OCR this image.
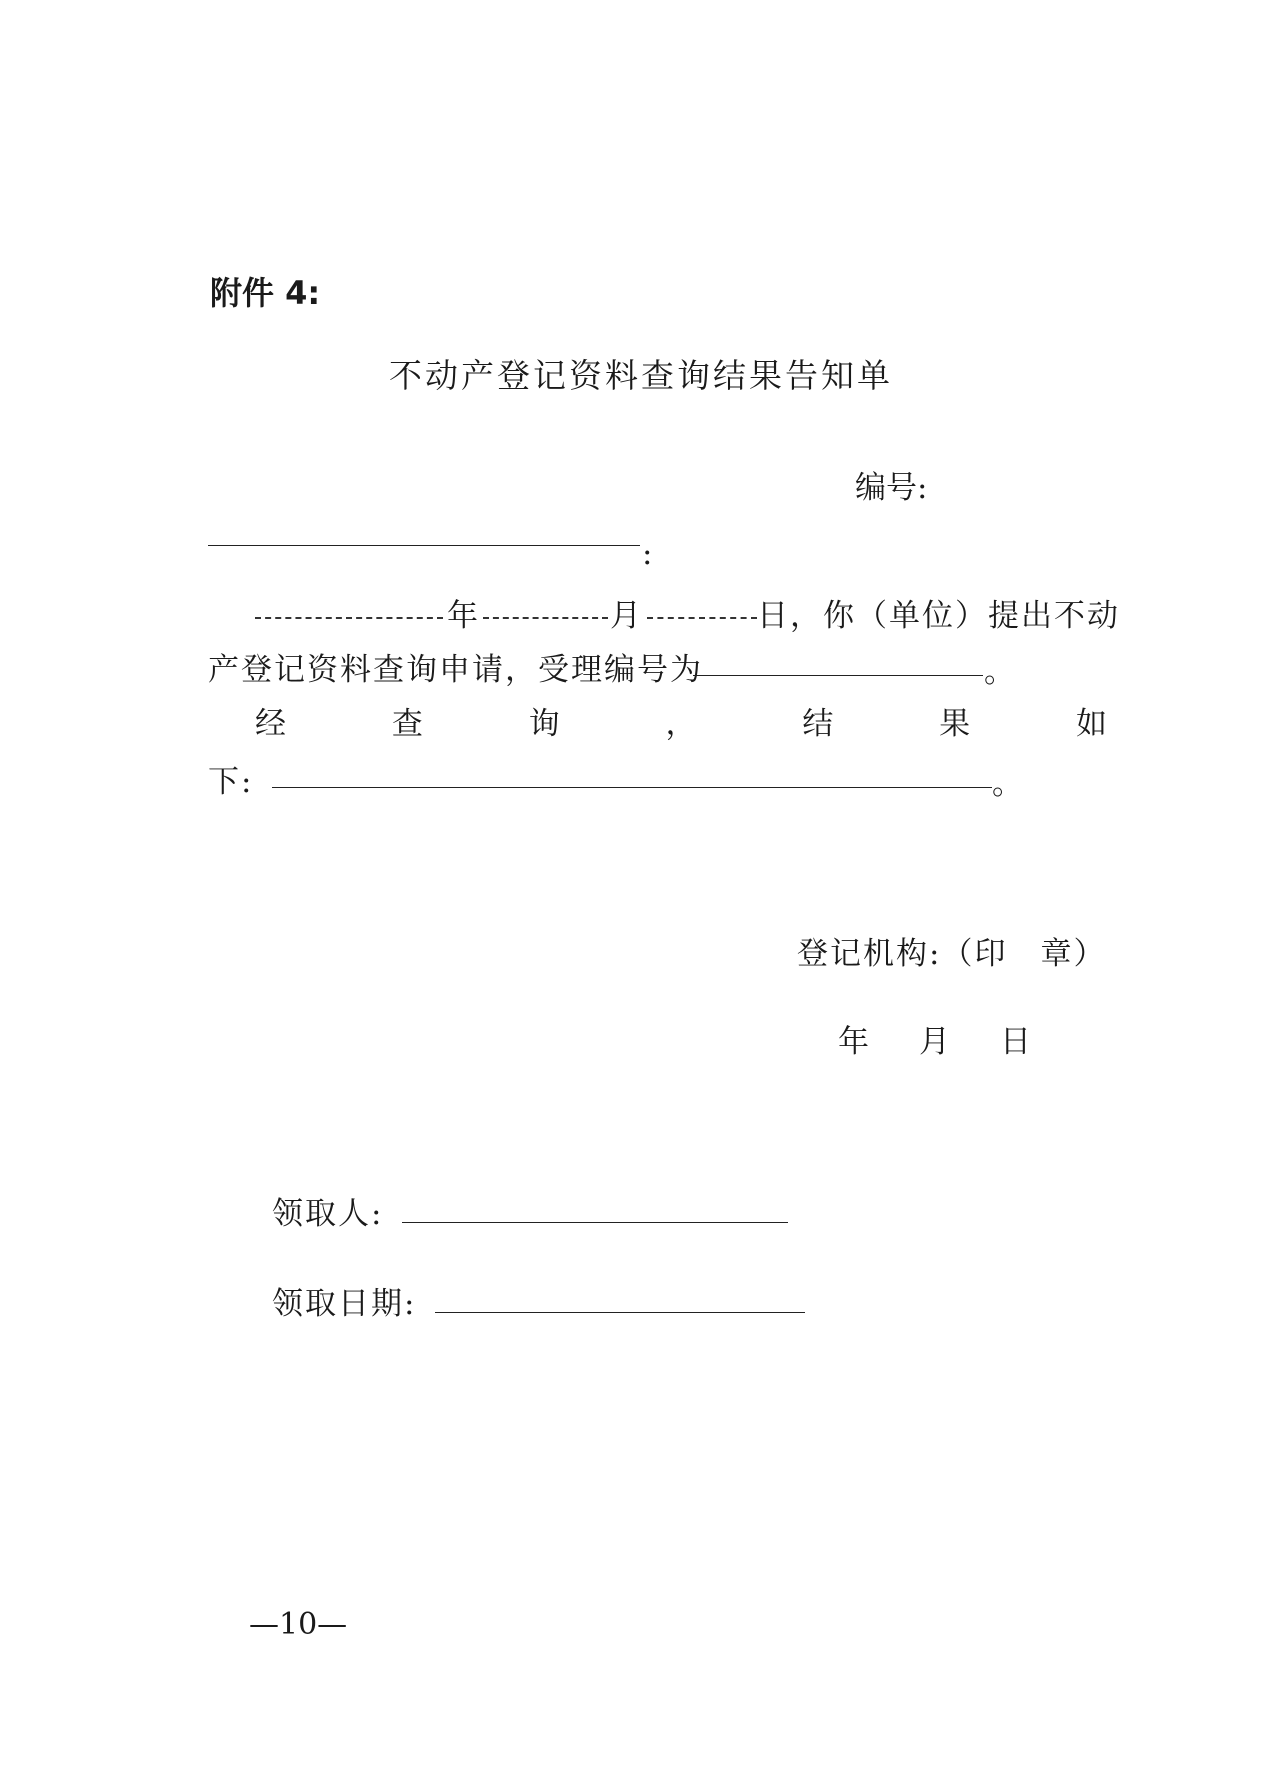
附件 4:
不动产登记资料查询结果告知单
编号:
:
年	月	日，你（单位）提出不动
产登记资料查询申请，受理编号为	。
经	查	询	，	结	果	如
下:	。
登记机构:（印　章）
年 月 日
领取人:
领取日期:
—10—
